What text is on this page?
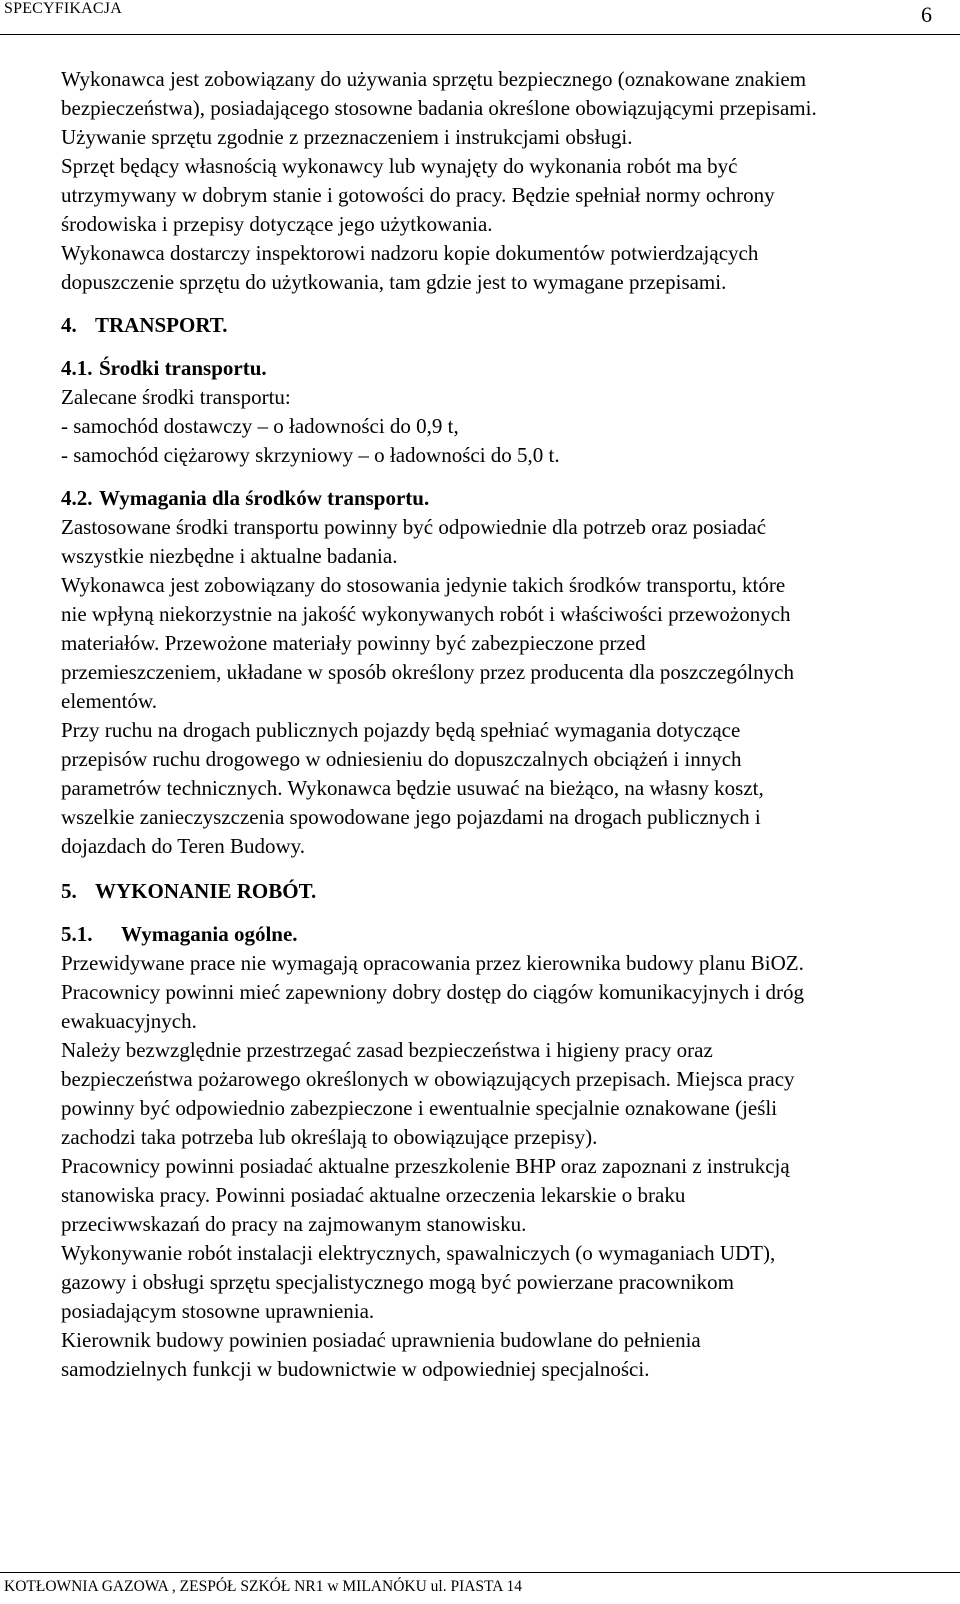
SPECYFIKACJA	6

Wykonawca jest zobowiązany do używania sprzętu bezpiecznego (oznakowane znakiem

bezpieczeństwa), posiadającego stosowne badania określone obowiązującymi przepisami.

Używanie sprzętu zgodnie z przeznaczeniem i instrukcjami obsługi.

Sprzęt będący własnością wykonawcy lub wynajęty do wykonania robót ma być

utrzymywany w dobrym stanie i gotowości do pracy. Będzie spełniał normy ochrony

środowiska i przepisy dotyczące jego użytkowania.

Wykonawca dostarczy inspektorowi nadzoru kopie dokumentów potwierdzających

dopuszczenie sprzętu do użytkowania, tam gdzie jest to wymagane przepisami.

4. TRANSPORT.

4.1. Środki transportu.

Zalecane środki transportu:

- samochód dostawczy – o ładowności do 0,9 t,

- samochód ciężarowy skrzyniowy – o ładowności do 5,0 t.

4.2. Wymagania dla środków transportu.

Zastosowane środki transportu powinny być odpowiednie dla potrzeb oraz posiadać

wszystkie niezbędne i aktualne badania.

Wykonawca jest zobowiązany do stosowania jedynie takich środków transportu, które

nie wpłyną niekorzystnie na jakość wykonywanych robót i właściwości przewożonych

materiałów. Przewożone materiały powinny być zabezpieczone przed

przemieszczeniem, układane w sposób określony przez producenta dla poszczególnych

elementów.

Przy ruchu na drogach publicznych pojazdy będą spełniać wymagania dotyczące

przepisów ruchu drogowego w odniesieniu do dopuszczalnych obciążeń i innych

parametrów technicznych. Wykonawca będzie usuwać na bieżąco, na własny koszt,

wszelkie zanieczyszczenia spowodowane jego pojazdami na drogach publicznych i

dojazdach do Teren Budowy.

5. WYKONANIE ROBÓT.

5.1. Wymagania ogólne.

Przewidywane prace nie wymagają opracowania przez kierownika budowy planu BiOZ.

Pracownicy powinni mieć zapewniony dobry dostęp do ciągów komunikacyjnych i dróg

ewakuacyjnych.

Należy bezwzględnie przestrzegać zasad bezpieczeństwa i higieny pracy oraz

bezpieczeństwa pożarowego określonych w obowiązujących przepisach. Miejsca pracy

powinny być odpowiednio zabezpieczone i ewentualnie specjalnie oznakowane (jeśli

zachodzi taka potrzeba lub określają to obowiązujące przepisy).

Pracownicy powinni posiadać aktualne przeszkolenie BHP oraz zapoznani z instrukcją

stanowiska pracy. Powinni posiadać aktualne orzeczenia lekarskie o braku

przeciwwskazań do pracy na zajmowanym stanowisku.

Wykonywanie robót instalacji elektrycznych, spawalniczych (o wymaganiach UDT),

gazowy i obsługi sprzętu specjalistycznego mogą być powierzane pracownikom

posiadającym stosowne uprawnienia.

Kierownik budowy powinien posiadać uprawnienia budowlane do pełnienia

samodzielnych funkcji w budownictwie w odpowiedniej specjalności.

KOTŁOWNIA GAZOWA , ZESPÓŁ SZKÓŁ NR1 w MILANÓKU ul. PIASTA 14
